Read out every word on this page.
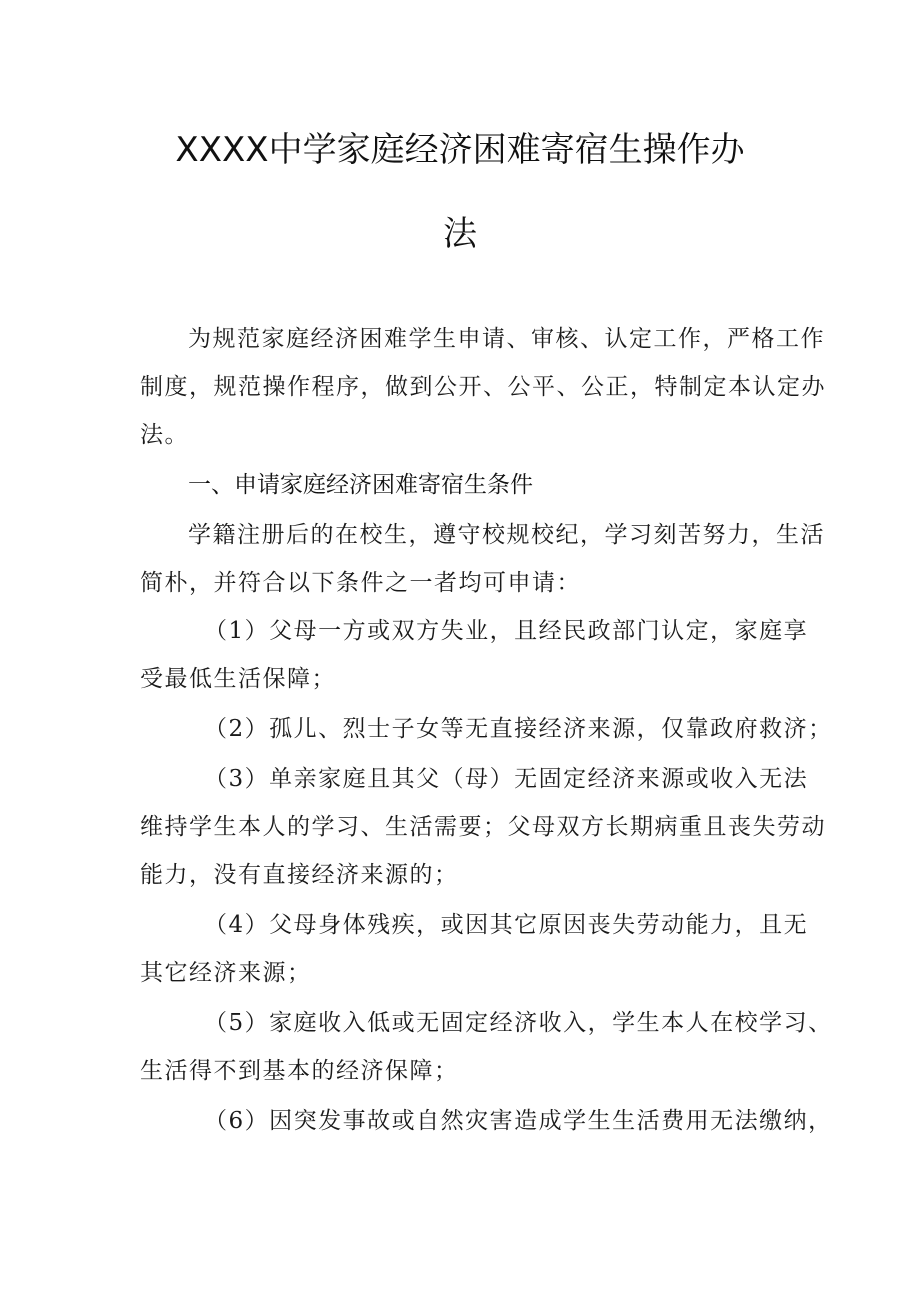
XXXX中学家庭经济困难寄宿生操作办
法
为规范家庭经济困难学生申请、审核、认定工作，严格工作
制度，规范操作程序，做到公开、公平、公正，特制定本认定办
法。
一、申请家庭经济困难寄宿生条件
学籍注册后的在校生，遵守校规校纪，学习刻苦努力，生活
简朴，并符合以下条件之一者均可申请：
（1）父母一方或双方失业，且经民政部门认定，家庭享
受最低生活保障；
（2）孤儿、烈士子女等无直接经济来源，仅靠政府救济；
（3）单亲家庭且其父（母）无固定经济来源或收入无法
维持学生本人的学习、生活需要；父母双方长期病重且丧失劳动
能力，没有直接经济来源的；
（4）父母身体残疾，或因其它原因丧失劳动能力，且无
其它经济来源；
（5）家庭收入低或无固定经济收入，学生本人在校学习、
生活得不到基本的经济保障；
（6）因突发事故或自然灾害造成学生生活费用无法缴纳，
